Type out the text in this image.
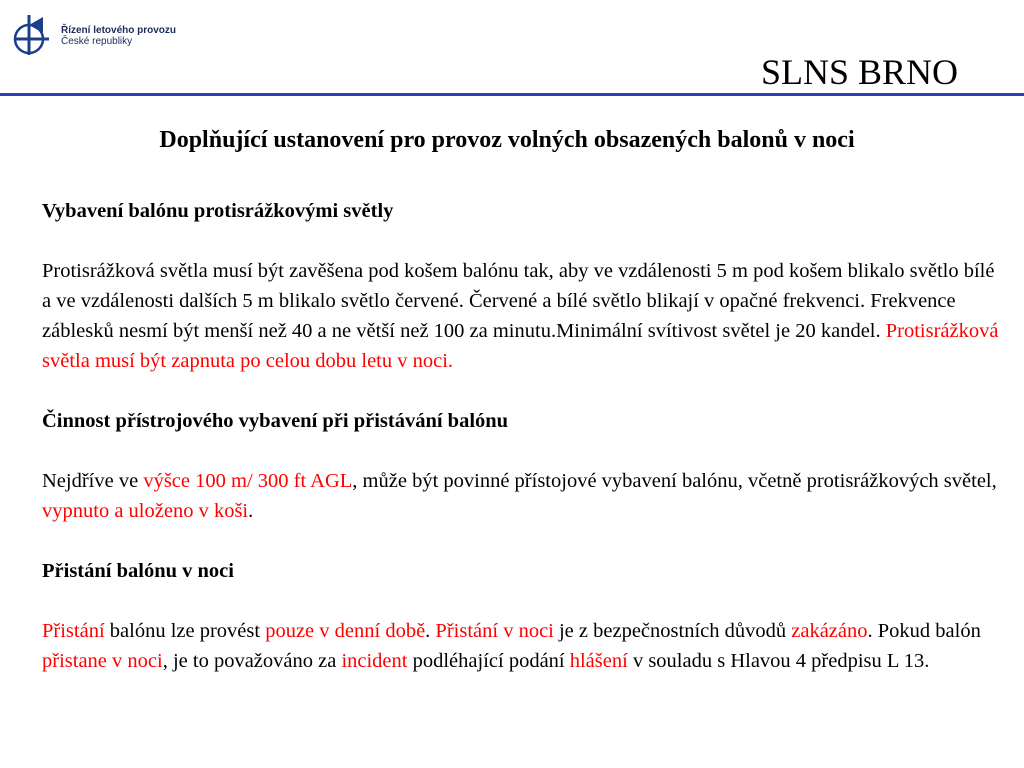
Řízení letového provozu
České republiky
SLNS BRNO
Doplňující ustanovení pro provoz volných obsazených balonů v noci
Vybavení balónu protisrážkovými světly

Protisrážková světla musí být zavěšena pod košem balónu tak, aby ve vzdálenosti 5 m pod košem blikalo světlo bílé a ve vzdálenosti dalších 5 m blikalo světlo červené. Červené a bílé světlo blikají v opačné frekvenci. Frekvence záblesků nesmí být menší než 40 a ne větší než 100 za minutu.Minimální svítivost světel je 20 kandel. Protisrážková světla musí být zapnuta po celou dobu letu v noci.

Činnost přístrojového vybavení při přistávání balónu

Nejdříve ve výšce 100 m/ 300 ft AGL, může být povinné přístojové vybavení balónu, včetně protisrážkových světel, vypnuto a uloženo v koši.

Přistání balónu v noci

Přistání balónu lze provést pouze v denní době. Přistání v noci je z bezpečnostních důvodů zakázáno. Pokud balón přistane v noci, je to považováno za incident podléhající podání hlášení v souladu s Hlavou 4 předpisu L 13.
